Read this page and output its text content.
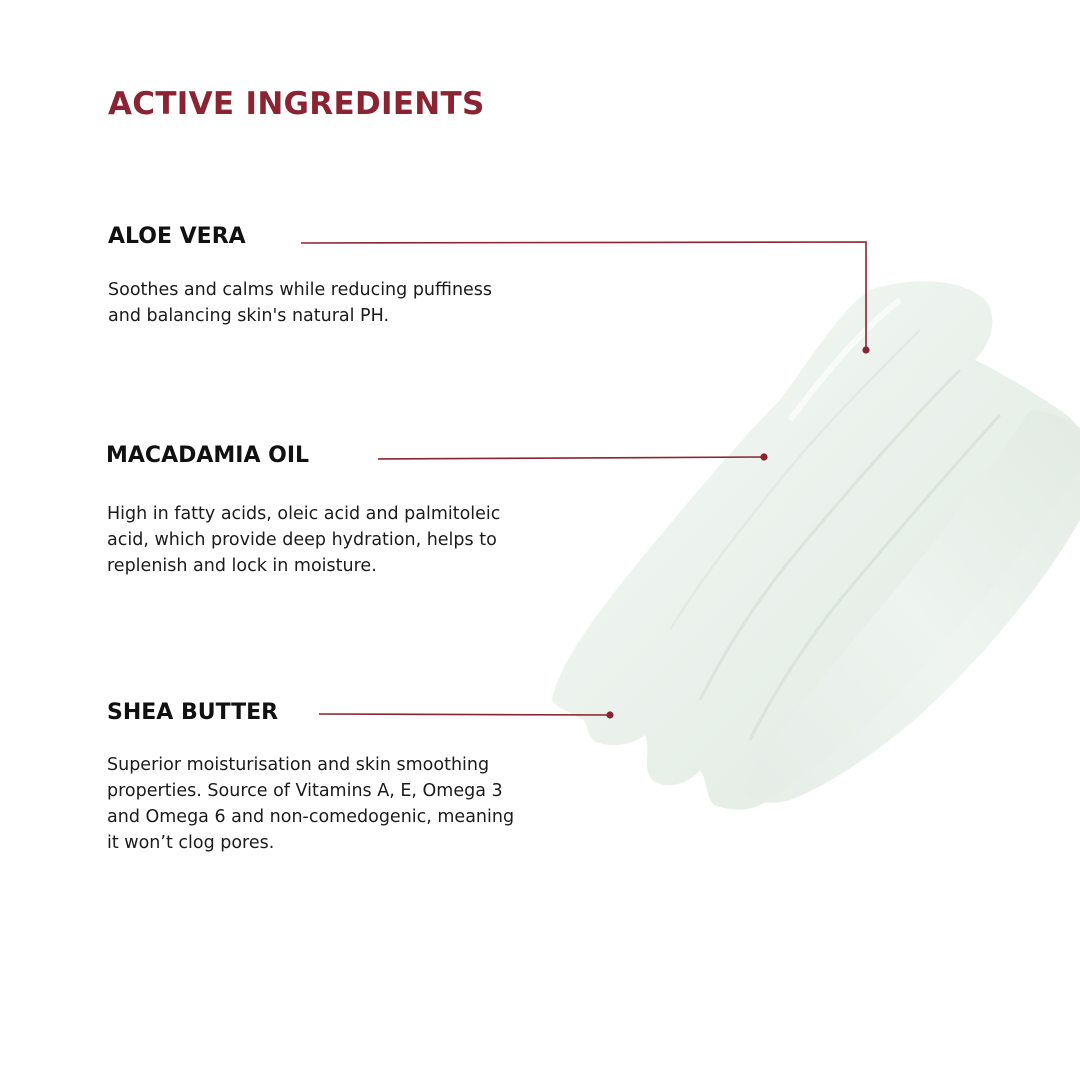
ACTIVE INGREDIENTS
ALOE VERA

Soothes and calms while reducing puffiness
and balancing skin's natural PH.

MACADAMIA OIL

High in fatty acids, oleic acid and palmitoleic
acid, which provide deep hydration, helps to
replenish and lock in moisture.

SHEA BUTTER

Superior moisturisation and skin smoothing
properties. Source of Vitamins A, E, Omega 3
and Omega 6 and non-comedogenic, meaning
it won’t clog pores.
